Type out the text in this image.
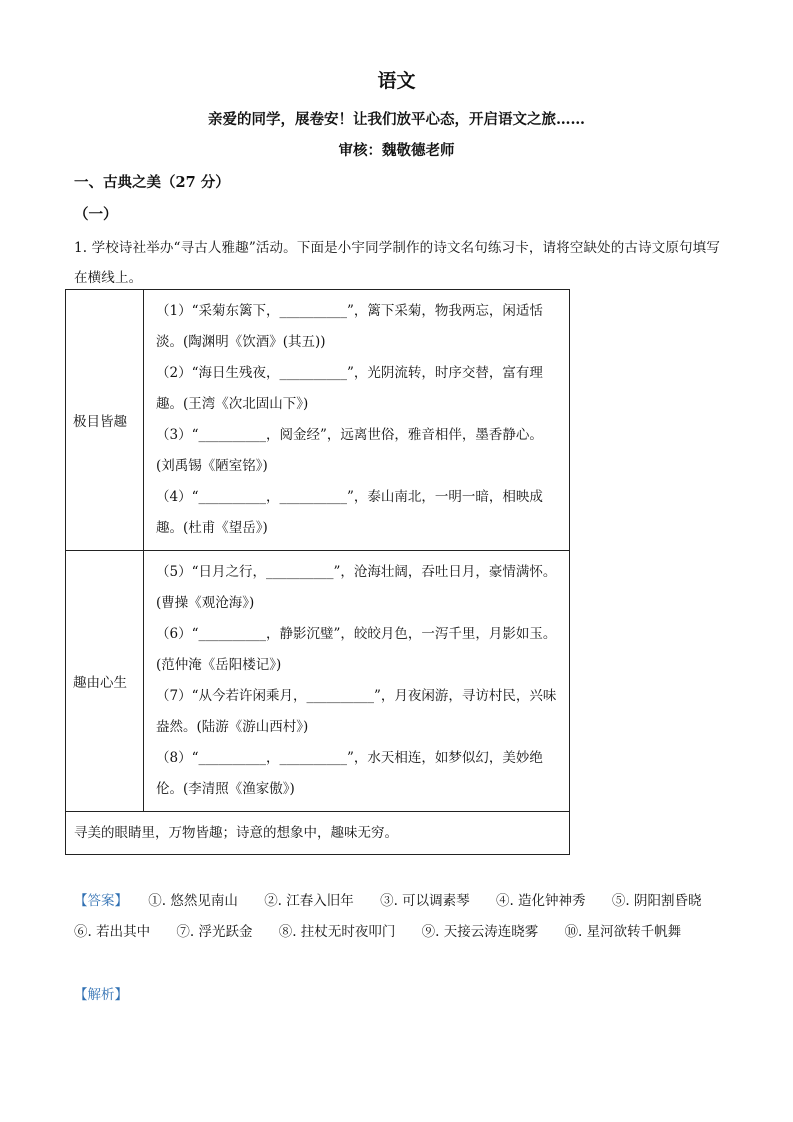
语文
亲爱的同学，展卷安！让我们放平心态，开启语文之旅……
审核：魏敬德老师
一、古典之美（27 分）
（一）
1. 学校诗社举办“寻古人雅趣”活动。下面是小宇同学制作的诗文名句练习卡，请将空缺处的古诗文原句填写在横线上。
极目皆趣	（1）“采菊东篱下，__________”，篱下采菊，物我两忘，闲适恬淡。(陶渊明《饮酒》(其五))
（2）“海日生残夜，__________”，光阴流转，时序交替，富有理趣。(王湾《次北固山下》)
（3）“__________，阅金经”，远离世俗，雅音相伴，墨香静心。(刘禹锡《陋室铭》)
（4）“__________，__________”，泰山南北，一明一暗，相映成趣。(杜甫《望岳》)

趣由心生	（5）“日月之行，__________”，沧海壮阔，吞吐日月，豪情满怀。(曹操《观沧海》)
（6）“__________，静影沉璧”，皎皎月色，一泻千里，月影如玉。(范仲淹《岳阳楼记》)
（7）“从今若许闲乘月，__________”，月夜闲游，寻访村民，兴味盎然。(陆游《游山西村》)
（8）“__________，__________”，水天相连，如梦似幻，美妙绝伦。(李清照《渔家傲》)

寻美的眼睛里，万物皆趣；诗意的想象中，趣味无穷。	
【答案】 ①. 悠然见南山 ②. 江春入旧年 ③. 可以调素琴 ④. 造化钟神秀 ⑤. 阴阳割昏晓 ⑥. 若出其中 ⑦. 浮光跃金 ⑧. 拄杖无时夜叩门 ⑨. 天接云涛连晓雾 ⑩. 星河欲转千帆舞
【解析】
